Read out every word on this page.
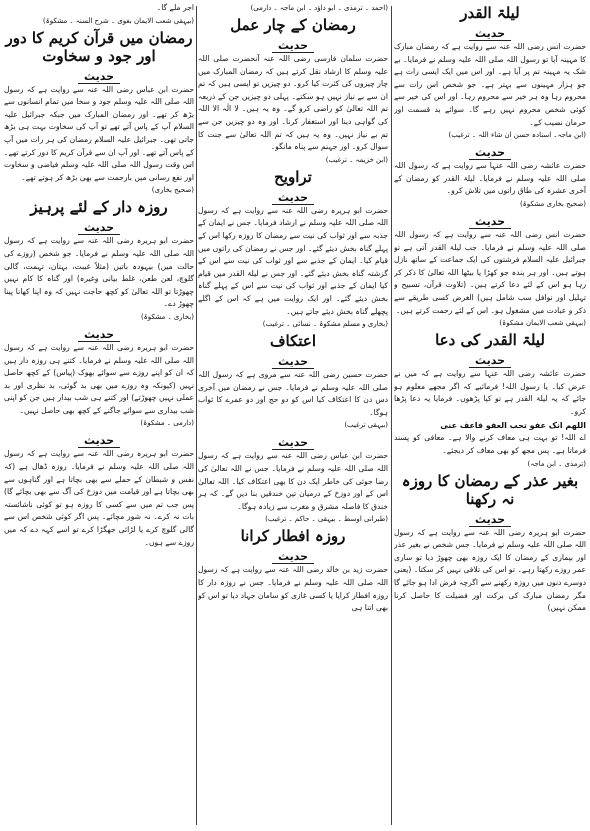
لیلۃ القدر
حدیث

حضرت انس رضی اللہ عنہ سے روایت ہے کہ رمضان مبارک کا مہینہ آیا تو رسول اللہ صلی اللہ علیہ وسلم نے فرمایا۔ بے شک یہ مہینہ تم پر آیا ہے۔ اور اس میں ایک ایسی رات ہے جو ہزار مہینوں سے بہتر ہے۔ جو شخص اس رات سے محروم رہا وہ ہر خیر سے محروم رہا۔ اور اس کی خیر سے کوئی شخص محروم نہیں رہے گا۔ سوائے بد قسمت اور حرمان نصیب کے۔

(ابن ماجہ۔ اسنادہ حسن ان شاء اللہ ۔ ترغیب)

حدیث

حضرت عائشہ رضی اللہ عنہا سے روایت ہے کہ رسول اللہ صلی اللہ علیہ وسلم نے فرمایا۔ لیلۃ القدر کو رمضان کے آخری عشرہ کی طاق راتوں میں تلاش کرو۔

(صحیح بخاری مشکوۃ)

حدیث

حضرت انس رضی اللہ عنہ سے روایت ہے کہ رسول اللہ صلی اللہ علیہ وسلم نے فرمایا۔ جب لیلۃ القدر آتی ہے تو جبرائیل علیہ السلام فرشتوں کی ایک جماعت کے ساتھ نازل ہوتے ہیں۔ اور ہر بندہ جو کھڑا یا بیٹھا اللہ تعالیٰ کا ذکر کر رہا ہو اس کے لئے دعا کرتے ہیں۔ (تلاوت قرآن، تسبیح و تہلیل اور نوافل سب شامل ہیں) الغرض کسی طریقے سے ذکر و عبادت میں مشغول ہو۔ اس کے لئے رحمت کرتے ہیں۔

(بیہقی شعب الایمان مشکوۃ)

لیلۃ القدر کی دعا
حدیث

حضرت عائشہ رضی اللہ عنہا سے روایت ہے کہ میں نے عرض کیا۔ یا رسول اللہ! فرمائیے کہ اگر مجھے معلوم ہو جائے کہ یہ لیلۃ القدر ہے تو کیا پڑھوں۔ فرمایا یہ دعا پڑھا کرو۔

اللھم انک عفو تحب العفو فاعف عنی

اے اللہ! تو بہت ہی معاف کرنے والا ہے۔ معافی کو پسند فرماتا ہے۔ پس مجھ کو بھی معاف کر دیجئے۔

(ترمذی ۔ ابن ماجہ)

بغیر عذر کے رمضان کا روزہ نہ رکھنا
حدیث

حضرت ابو ہریرہ رضی اللہ عنہ سے روایت ہے کہ رسول اللہ صلی اللہ علیہ وسلم نے فرمایا۔ جس شخص نے بغیر عذر اور بیماری کے رمضان کا ایک روزہ بھی چھوڑ دیا تو ساری عمر روزے رکھتا رہے۔ تو اس کی تلافی نہیں کر سکتا۔ (یعنی دوسرے دنوں میں روزہ رکھنے سے اگرچہ فرض ادا ہو جائے گا مگر رمضان مبارک کی برکت اور فضیلت کا حاصل کرنا ممکن نہیں)

(احمد ۔ ترمذی ۔ ابو داؤد ۔ ابن ماجہ ۔ دارمی)

رمضان کے چار عمل
حدیث

حضرت سلمان فارسی رضی اللہ عنہ آنحضرت صلی اللہ علیہ وسلم کا ارشاد نقل کرتے ہیں کہ رمضان المبارک میں چار چیزوں کی کثرت کیا کرو۔ دو چیزیں تو ایسی ہیں کہ تم ان سے بے نیاز نہیں ہو سکتے۔ پہلی دو چیزیں جن کے ذریعہ تم اللہ تعالیٰ کو راضی کرو گے۔ وہ یہ ہیں۔ لا الٰہ الا اللہ کی گواہی دینا اور استغفار کرنا۔ اور وہ دو چیزیں جن سے تم بے نیاز نہیں۔ وہ یہ ہیں کہ تم اللہ تعالیٰ سے جنت کا سوال کرو۔ اور جہنم سے پناہ مانگو۔

(ابن خزیمہ ۔ ترغیب)

تراویح
حدیث

حضرت ابو ہریرہ رضی اللہ عنہ سے روایت ہے کہ رسول اللہ صلی اللہ علیہ وسلم نے ارشاد فرمایا۔ جس نے ایمان کے جذبہ سے اور ثواب کی نیت سے رمضان کا روزہ رکھا اس کے پہلے گناہ بخش دیئے گئے۔ اور جس نے رمضان کی راتوں میں قیام کیا۔ ایمان کے جذبے سے اور ثواب کی نیت سے اس کے گزشتہ گناہ بخش دیئے گئے۔ اور جس نے لیلۃ القدر میں قیام کیا ایمان کے جذبے اور ثواب کی نیت سے اس کے پہلے گناہ بخش دیئے گئے۔ اور ایک روایت میں ہے کہ اس کے اگلے پچھلے گناہ بخش دیئے جاتے ہیں۔

(بخاری و مسلم مشکوۃ ۔ نسائی ۔ ترغیب)

اعتکاف
حدیث

حضرت حسین رضی اللہ عنہ سے مروی ہے کہ رسول اللہ صلی اللہ علیہ وسلم نے فرمایا۔ جس نے رمضان میں آخری دس دن کا اعتکاف کیا اس کو دو حج اور دو عمرے کا ثواب ہوگا۔

(بیہقی ترغیب)

حدیث

حضرت ابن عباس رضی اللہ عنہ سے روایت ہے کہ رسول اللہ صلی اللہ علیہ وسلم نے فرمایا۔ جس نے اللہ تعالیٰ کی رضا جوئی کی خاطر ایک دن کا بھی اعتکاف کیا۔ اللہ تعالیٰ اس کے اور دوزخ کے درمیان تین خندقیں بنا دیں گے۔ کہ ہر خندق کا فاصلہ مشرق و مغرب سے زیادہ ہوگا۔

(طبرانی اوسط ۔ بیہقی ۔ حاکم ۔ ترغیب)

روزہ افطار کرانا
حدیث

حضرت زید بن خالد رضی اللہ عنہ سے روایت ہے کہ رسول اللہ صلی اللہ علیہ وسلم نے فرمایا۔ جس نے روزہ دار کا روزہ افطار کرایا یا کسی غازی کو سامان جہاد دیا تو اس کو بھی اتنا ہی

اجر ملے گا۔

(بیہقی شعب الایمان بغوی ۔ شرح السنہ ۔ مشکوۃ)

رمضان میں قرآن کریم کا دور اور جود و سخاوت
حدیث

حضرت ابن عباس رضی اللہ عنہ سے روایت ہے کہ رسول اللہ صلی اللہ علیہ وسلم جود و سخا میں تمام انسانوں سے بڑھ کر تھے۔ اور رمضان المبارک میں جبکہ جبرائیل علیہ السلام آپ کے پاس آتے تھے تو آپ کی سخاوت بہت ہی بڑھ جاتی تھی۔ جبرائیل علیہ السلام رمضان کی ہر رات میں آپ کے پاس آتے تھے۔ اور آپ ان سے قرآن کریم کا دور کرتے تھے۔ اس وقت رسول اللہ صلی اللہ علیہ وسلم فیاضی و سخاوت اور نفع رسانی میں بارحمت سے بھی بڑھ کر ہوتے تھے۔

(صحیح بخاری)

روزہ دار کے لئے پرہیز
حدیث

حضرت ابو ہریرہ رضی اللہ عنہ سے روایت ہے کہ رسول اللہ صلی اللہ علیہ وسلم نے فرمایا۔ جو شخص (روزے کی حالت میں) بیہودہ باتیں (مثلاً غیبت، بہتان، تہمت، گالی گلوچ، لعن طعن، غلط بیانی وغیرہ) اور گناہ کا کام نہیں چھوڑتا تو اللہ تعالیٰ کو کچھ حاجت نہیں کہ وہ اپنا کھانا پینا چھوڑ دے۔

(بخاری ۔ مشکوۃ)

حدیث

حضرت ابو ہریرہ رضی اللہ عنہ سے روایت ہے کہ رسول اللہ صلی اللہ علیہ وسلم نے فرمایا۔ کتنے ہی روزہ دار ہیں کہ ان کو اپنے روزے سے سوائے بھوک (پیاس) کے کچھ حاصل نہیں (کیونکہ وہ روزے میں بھی بد گوئی، بد نظری اور بد عملی نہیں چھوڑتے) اور کتنے ہی شب بیدار ہیں جن کو اپنی شب بیداری سے سوائے جاگنے کے کچھ بھی حاصل نہیں۔

(دارمی ۔ مشکوۃ)

حدیث

حضرت ابو ہریرہ رضی اللہ عنہ سے روایت ہے کہ رسول اللہ صلی اللہ علیہ وسلم نے فرمایا۔ روزہ ڈھال ہے (کہ نفس و شیطان کے حملے سے بھی بچاتا ہے اور گناہوں سے بھی بچاتا ہے اور قیامت میں دوزخ کی آگ سے بھی بچائے گا) پس جب تم میں سے کسی کا روزہ ہو تو کوئی ناشائستہ بات نہ کرے۔ نہ شور مچائے۔ پس اگر کوئی شخص اس سے گالی گلوچ کرے یا لڑائی جھگڑا کرے تو اسے کہہ دے کہ میں روزے سے ہوں۔
